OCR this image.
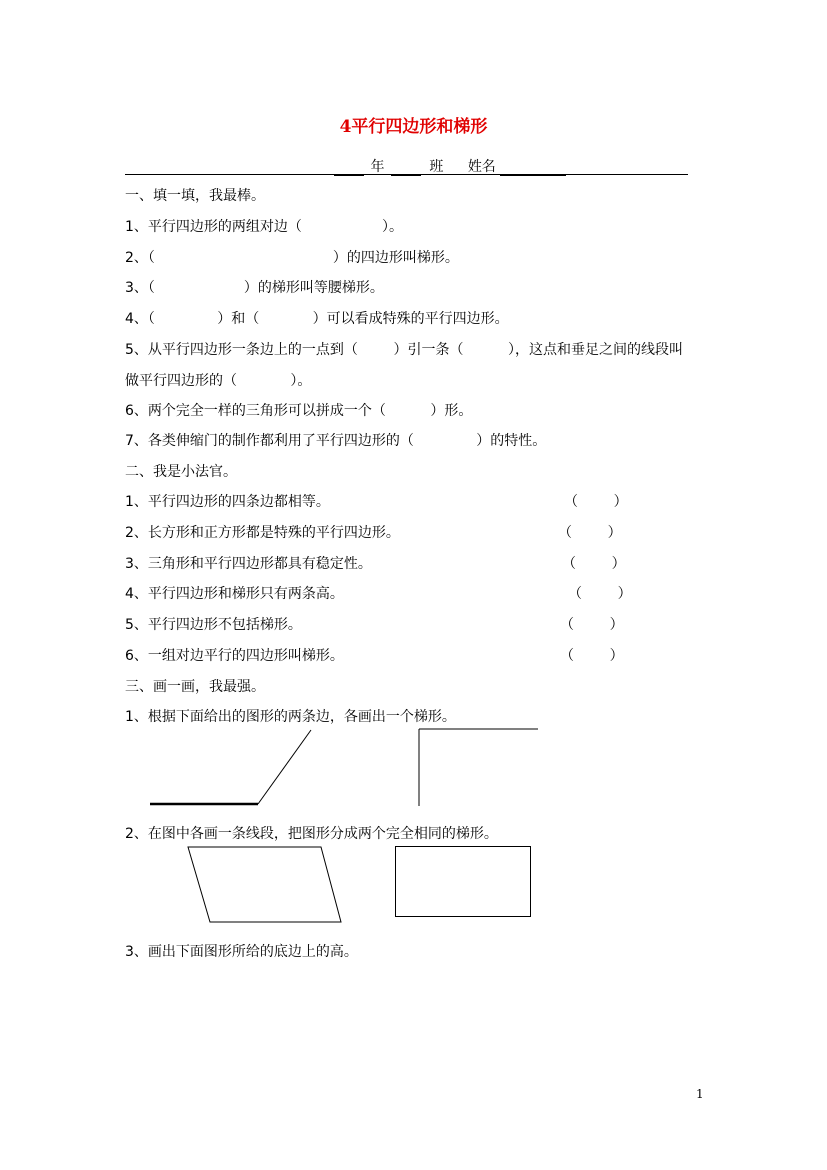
4平行四边形和梯形
年	班 姓名
一、填一填，我最棒。
1、平行四边形的两组对边（                  ）。
2、（                                        ）的四边形叫梯形。
3、（                    ）的梯形叫等腰梯形。
4、（              ）和（            ）可以看成特殊的平行四边形。
5、从平行四边形一条边上的一点到（        ）引一条（          ），这点和垂足之间的线段叫
做平行四边形的（            ）。
6、两个完全一样的三角形可以拼成一个（          ）形。
7、各类伸缩门的制作都利用了平行四边形的（              ）的特性。
二、我是小法官。
1、平行四边形的四条边都相等。	（        ）
2、长方形和正方形都是特殊的平行四边形。	（        ）
3、三角形和平行四边形都具有稳定性。	（        ）
4、平行四边形和梯形只有两条高。	（        ）
5、平行四边形不包括梯形。	（        ）
6、一组对边平行的四边形叫梯形。	（        ）
三、画一画，我最强。
1、根据下面给出的图形的两条边，各画出一个梯形。
2、在图中各画一条线段，把图形分成两个完全相同的梯形。
3、画出下面图形所给的底边上的高。
1
